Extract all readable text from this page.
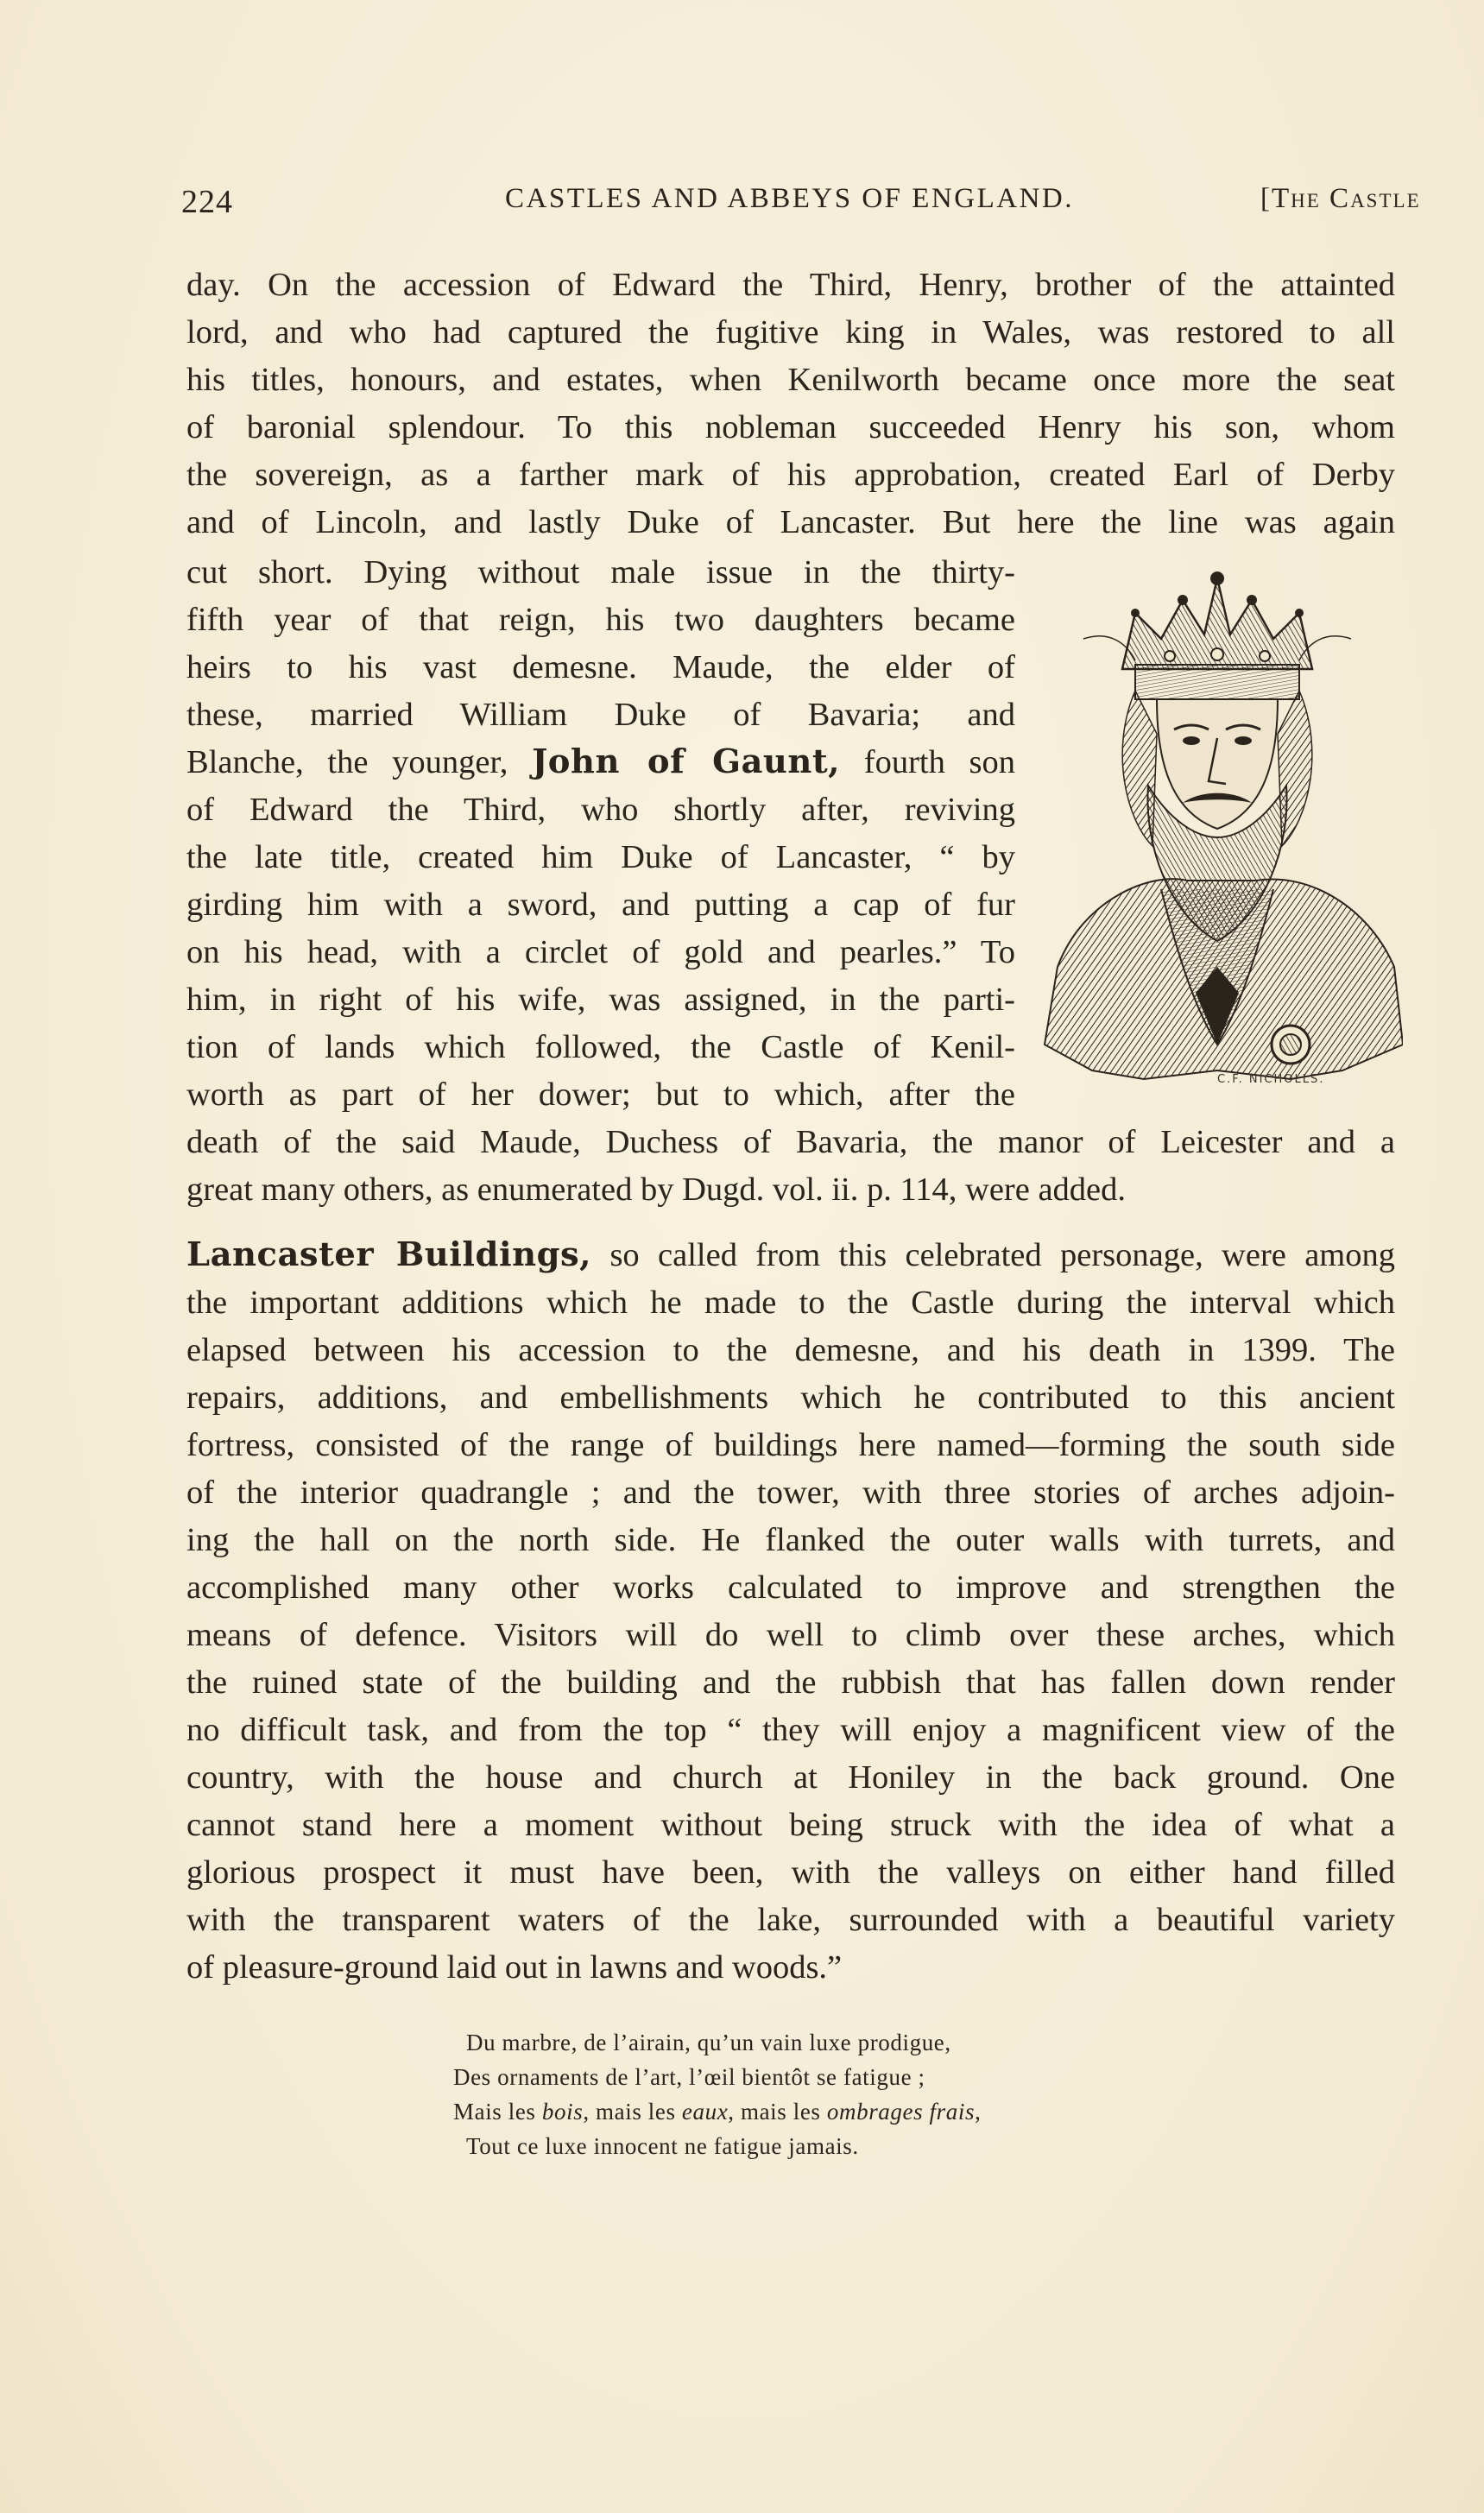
224	CASTLES AND ABBEYS OF ENGLAND.	[The Castle
day. On the accession of Edward the Third, Henry, brother of the attainted
lord, and who had captured the fugitive king in Wales, was restored to all
his titles, honours, and estates, when Kenilworth became once more the seat
of baronial splendour. To this nobleman succeeded Henry his son, whom
the sovereign, as a farther mark of his approbation, created Earl of Derby
and of Lincoln, and lastly Duke of Lancaster. But here the line was again
cut short. Dying without male issue in the thirty-
fifth year of that reign, his two daughters became
heirs to his vast demesne. Maude, the elder of
these, married William Duke of Bavaria; and
Blanche, the younger, John of Gaunt, fourth son
of Edward the Third, who shortly after, reviving
the late title, created him Duke of Lancaster, “ by
girding him with a sword, and putting a cap of fur
on his head, with a circlet of gold and pearles.” To
him, in right of his wife, was assigned, in the parti-
tion of lands which followed, the Castle of Kenil-
worth as part of her dower; but to which, after the
death of the said Maude, Duchess of Bavaria, the manor of Leicester and a
great many others, as enumerated by Dugd. vol. ii. p. 114, were added.
Lancaster Buildings, so called from this celebrated personage, were among
the important additions which he made to the Castle during the interval which
elapsed between his accession to the demesne, and his death in 1399. The
repairs, additions, and embellishments which he contributed to this ancient
fortress, consisted of the range of buildings here named—forming the south side
of the interior quadrangle ; and the tower, with three stories of arches adjoin-
ing the hall on the north side. He flanked the outer walls with turrets, and
accomplished many other works calculated to improve and strengthen the
means of defence. Visitors will do well to climb over these arches, which
the ruined state of the building and the rubbish that has fallen down render
no difficult task, and from the top “ they will enjoy a magnificent view of the
country, with the house and church at Honiley in the back ground. One
cannot stand here a moment without being struck with the idea of what a
glorious prospect it must have been, with the valleys on either hand filled
with the transparent waters of the lake, surrounded with a beautiful variety
of pleasure-ground laid out in lawns and woods.”
C.F. NICHOLLS.
Du marbre, de l’airain, qu’un vain luxe prodigue,
Des ornaments de l’art, l’œil bientôt se fatigue ;
Mais les bois, mais les eaux, mais les ombrages frais,
Tout ce luxe innocent ne fatigue jamais.
